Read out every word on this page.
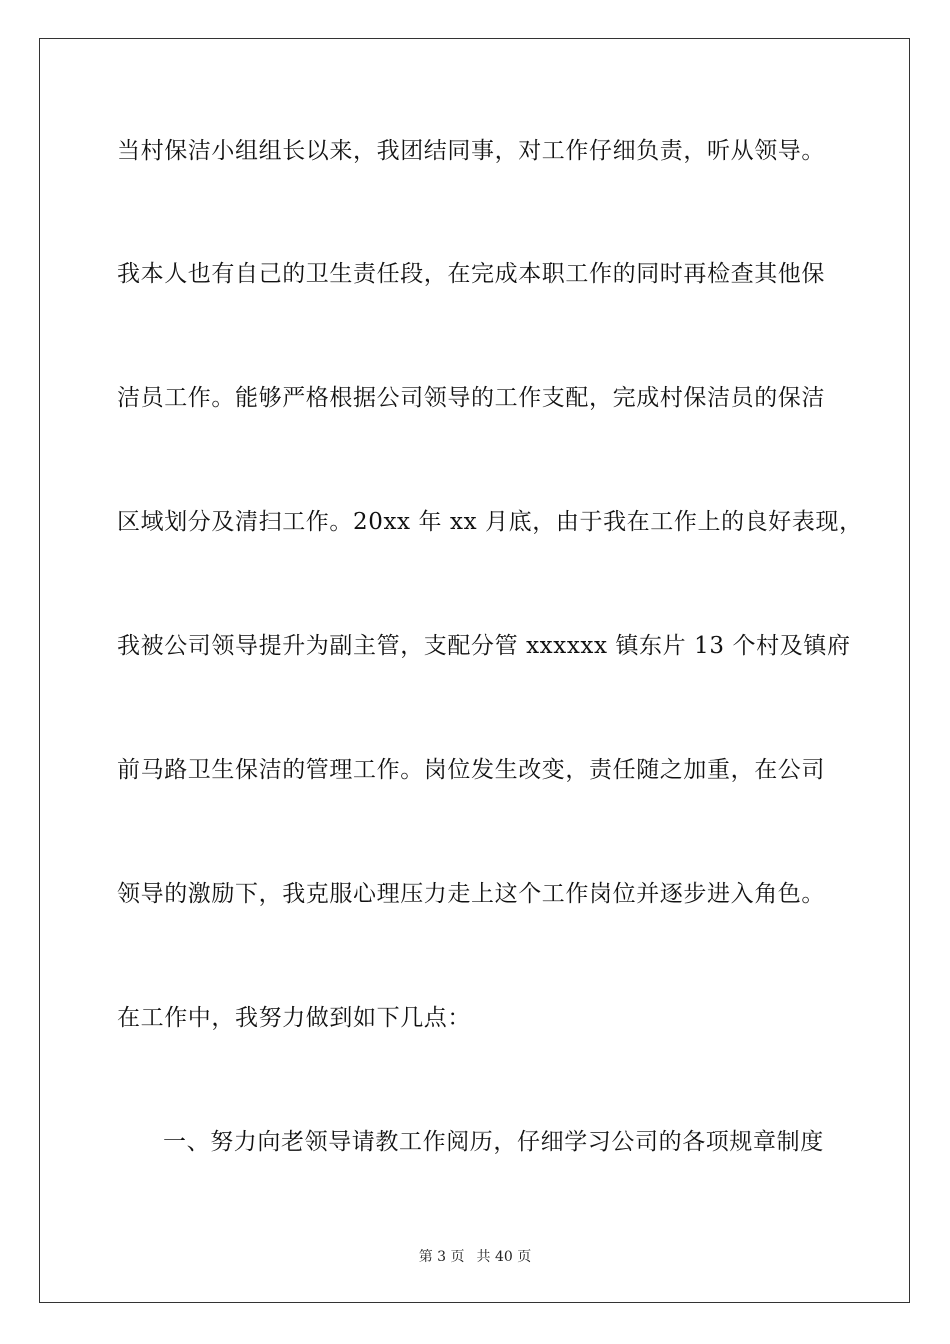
当村保洁小组组长以来，我团结同事，对工作仔细负责，听从领导。
我本人也有自己的卫生责任段，在完成本职工作的同时再检查其他保
洁员工作。能够严格根据公司领导的工作支配，完成村保洁员的保洁
区域划分及清扫工作。20xx 年 xx 月底，由于我在工作上的良好表现，
我被公司领导提升为副主管，支配分管 xxxxxx 镇东片 13 个村及镇府
前马路卫生保洁的管理工作。岗位发生改变，责任随之加重，在公司
领导的激励下，我克服心理压力走上这个工作岗位并逐步进入角色。
在工作中，我努力做到如下几点：
一、努力向老领导请教工作阅历，仔细学习公司的各项规章制度
第 3 页 共 40 页
